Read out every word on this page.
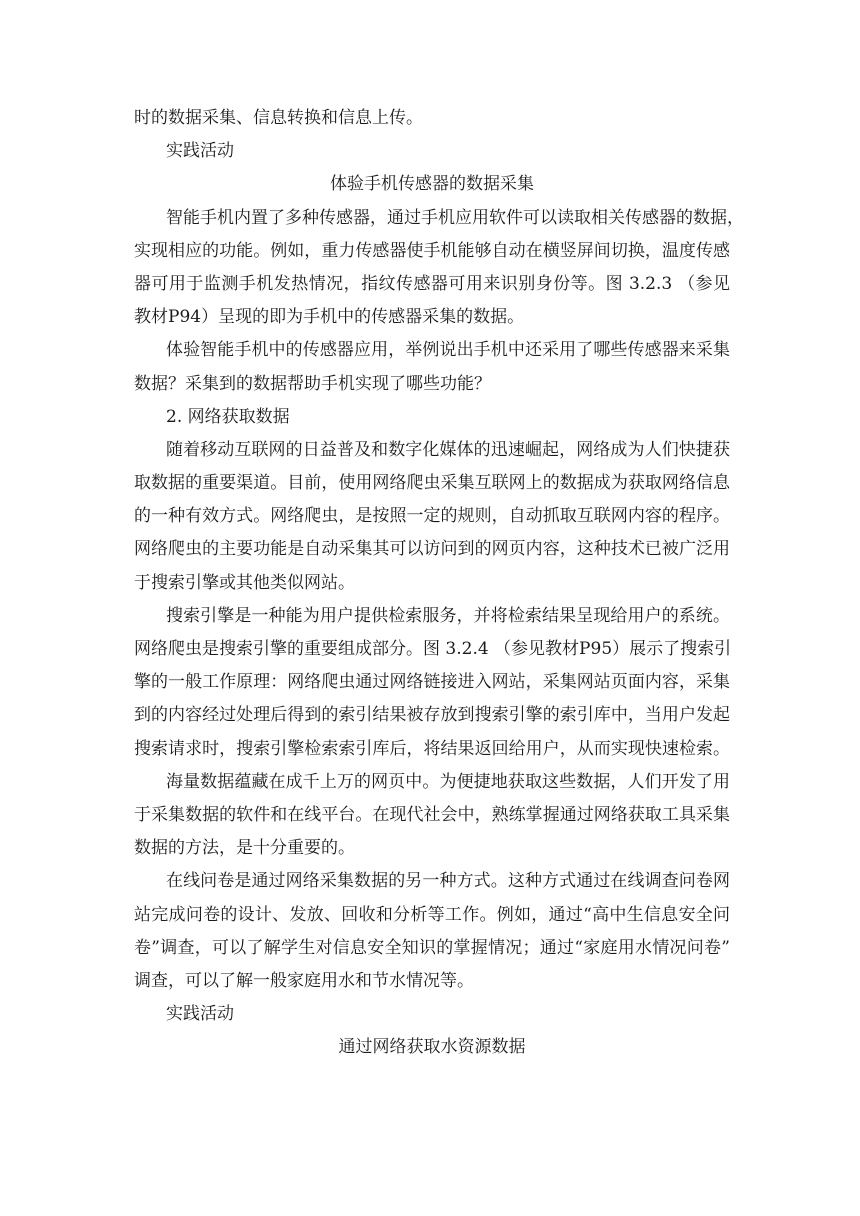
时的数据采集、信息转换和信息上传。

实践活动

体验手机传感器的数据采集

智能手机内置了多种传感器，通过手机应用软件可以读取相关传感器的数据，

实现相应的功能。例如，重力传感器使手机能够自动在横竖屏间切换，温度传感

器可用于监测手机发热情况，指纹传感器可用来识别身份等。图 3.2.3 （参见

教材P94）呈现的即为手机中的传感器采集的数据。

体验智能手机中的传感器应用，举例说出手机中还采用了哪些传感器来采集

数据？采集到的数据帮助手机实现了哪些功能？

2. 网络获取数据

随着移动互联网的日益普及和数字化媒体的迅速崛起，网络成为人们快捷获

取数据的重要渠道。目前，使用网络爬虫采集互联网上的数据成为获取网络信息

的一种有效方式。网络爬虫，是按照一定的规则，自动抓取互联网内容的程序。

网络爬虫的主要功能是自动采集其可以访问到的网页内容，这种技术已被广泛用

于搜索引擎或其他类似网站。

搜索引擎是一种能为用户提供检索服务，并将检索结果呈现给用户的系统。

网络爬虫是搜索引擎的重要组成部分。图 3.2.4 （参见教材P95）展示了搜索引

擎的一般工作原理：网络爬虫通过网络链接进入网站，采集网站页面内容，采集

到的内容经过处理后得到的索引结果被存放到搜索引擎的索引库中，当用户发起

搜索请求时，搜索引擎检索索引库后，将结果返回给用户，从而实现快速检索。

海量数据蕴藏在成千上万的网页中。为便捷地获取这些数据，人们开发了用

于采集数据的软件和在线平台。在现代社会中，熟练掌握通过网络获取工具采集

数据的方法，是十分重要的。

在线问卷是通过网络采集数据的另一种方式。这种方式通过在线调查问卷网

站完成问卷的设计、发放、回收和分析等工作。例如，通过“高中生信息安全问

卷”调查，可以了解学生对信息安全知识的掌握情况；通过“家庭用水情况问卷”

调查，可以了解一般家庭用水和节水情况等。

实践活动

通过网络获取水资源数据
